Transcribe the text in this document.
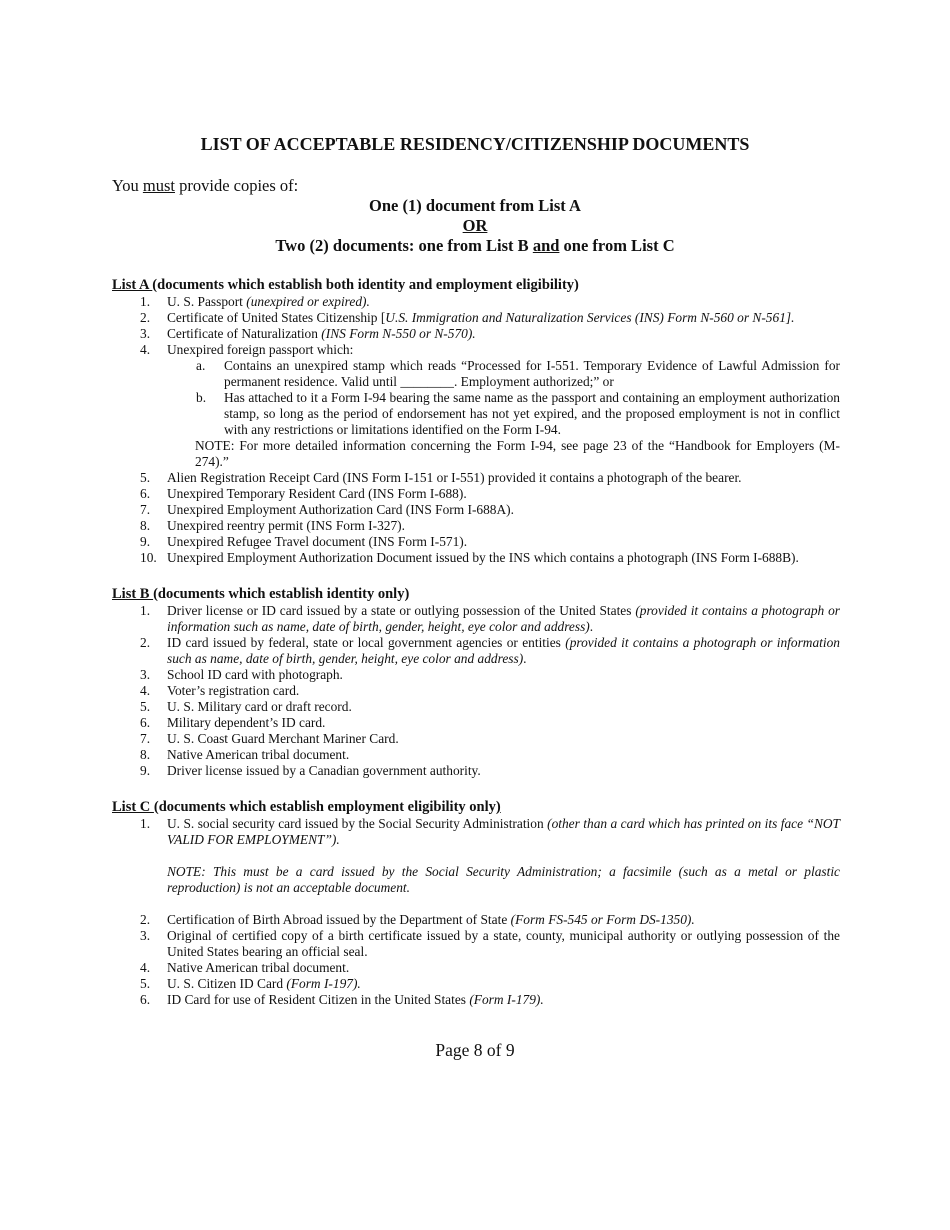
LIST OF ACCEPTABLE RESIDENCY/CITIZENSHIP DOCUMENTS
You must provide copies of:
One (1) document from List A
OR
Two (2) documents: one from List B and one from List C
List A (documents which establish both identity and employment eligibility)
1. U. S. Passport (unexpired or expired).
2. Certificate of United States Citizenship [U.S. Immigration and Naturalization Services (INS) Form N-560 or N-561].
3. Certificate of Naturalization (INS Form N-550 or N-570).
4. Unexpired foreign passport which:
a.	Contains an unexpired stamp which reads “Processed for I-551. Temporary Evidence of Lawful Admission for permanent residence. Valid until ________. Employment authorized;” or
b.	Has attached to it a Form I-94 bearing the same name as the passport and containing an employment authorization stamp, so long as the period of endorsement has not yet expired, and the proposed employment is not in conflict with any restrictions or limitations identified on the Form I-94.
NOTE: For more detailed information concerning the Form I-94, see page 23 of the “Handbook for Employers (M-274).”
5. Alien Registration Receipt Card (INS Form I-151 or I-551) provided it contains a photograph of the bearer.
6. Unexpired Temporary Resident Card (INS Form I-688).
7. Unexpired Employment Authorization Card (INS Form I-688A).
8. Unexpired reentry permit (INS Form I-327).
9. Unexpired Refugee Travel document (INS Form I-571).
10. Unexpired Employment Authorization Document issued by the INS which contains a photograph (INS Form I-688B).
List B (documents which establish identity only)
1. Driver license or ID card issued by a state or outlying possession of the United States (provided it contains a photograph or information such as name, date of birth, gender, height, eye color and address).
2. ID card issued by federal, state or local government agencies or entities (provided it contains a photograph or information such as name, date of birth, gender, height, eye color and address).
3. School ID card with photograph.
4. Voter’s registration card.
5. U. S. Military card or draft record.
6. Military dependent’s ID card.
7. U. S. Coast Guard Merchant Mariner Card.
8. Native American tribal document.
9. Driver license issued by a Canadian government authority.
List C (documents which establish employment eligibility only)
1. U. S. social security card issued by the Social Security Administration (other than a card which has printed on its face “NOT VALID FOR EMPLOYMENT”).
NOTE: This must be a card issued by the Social Security Administration; a facsimile (such as a metal or plastic reproduction) is not an acceptable document.
2. Certification of Birth Abroad issued by the Department of State (Form FS-545 or Form DS-1350).
3. Original of certified copy of a birth certificate issued by a state, county, municipal authority or outlying possession of the United States bearing an official seal.
4. Native American tribal document.
5. U. S. Citizen ID Card (Form I-197).
6. ID Card for use of Resident Citizen in the United States (Form I-179).
Page 8 of 9
